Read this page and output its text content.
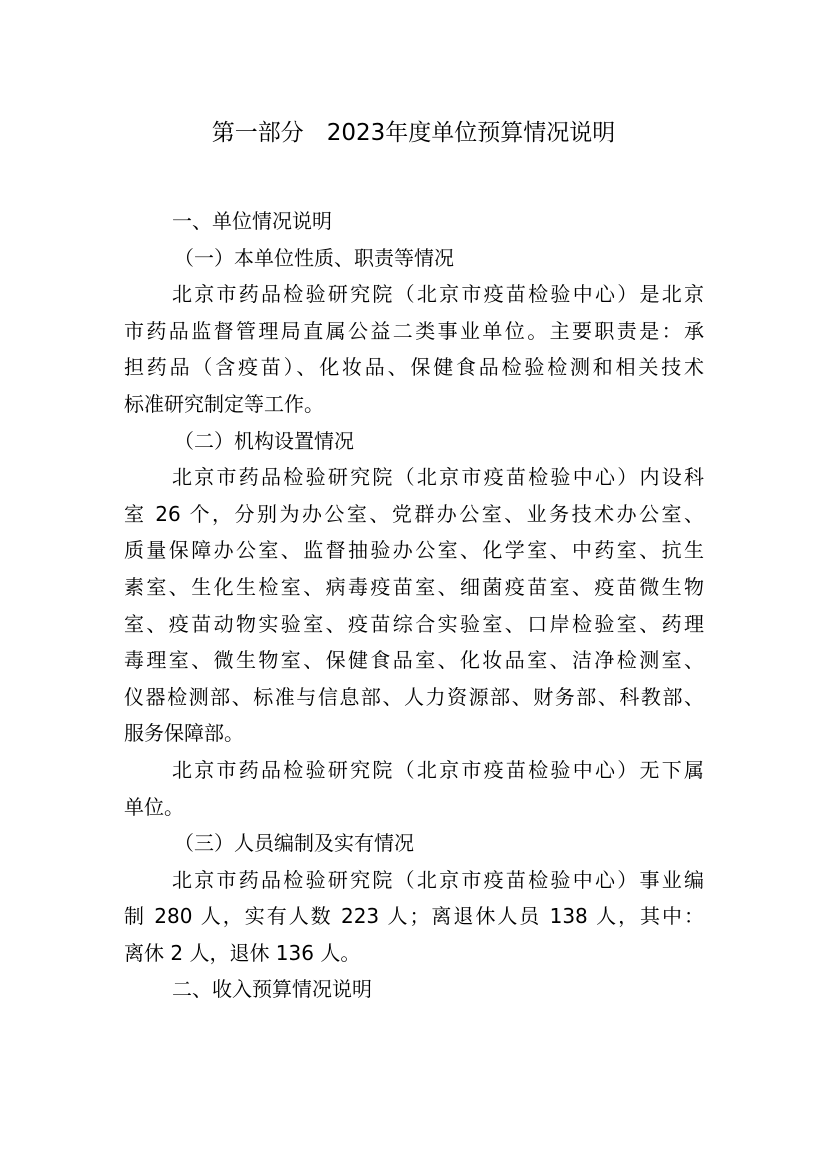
第一部分　2023年度单位预算情况说明
一、单位情况说明
（一）本单位性质、职责等情况
北京市药品检验研究院（北京市疫苗检验中心）是北京
市药品监督管理局直属公益二类事业单位。主要职责是：承
担药品（含疫苗）、化妆品、保健食品检验检测和相关技术
标准研究制定等工作。
（二）机构设置情况
北京市药品检验研究院（北京市疫苗检验中心）内设科
室 26 个，分别为办公室、党群办公室、业务技术办公室、
质量保障办公室、监督抽验办公室、化学室、中药室、抗生
素室、生化生检室、病毒疫苗室、细菌疫苗室、疫苗微生物
室、疫苗动物实验室、疫苗综合实验室、口岸检验室、药理
毒理室、微生物室、保健食品室、化妆品室、洁净检测室、
仪器检测部、标准与信息部、人力资源部、财务部、科教部、
服务保障部。
北京市药品检验研究院（北京市疫苗检验中心）无下属
单位。
（三）人员编制及实有情况
北京市药品检验研究院（北京市疫苗检验中心）事业编
制 280 人，实有人数 223 人；离退休人员 138 人，其中：
离休 2 人，退休 136 人。
二、收入预算情况说明
